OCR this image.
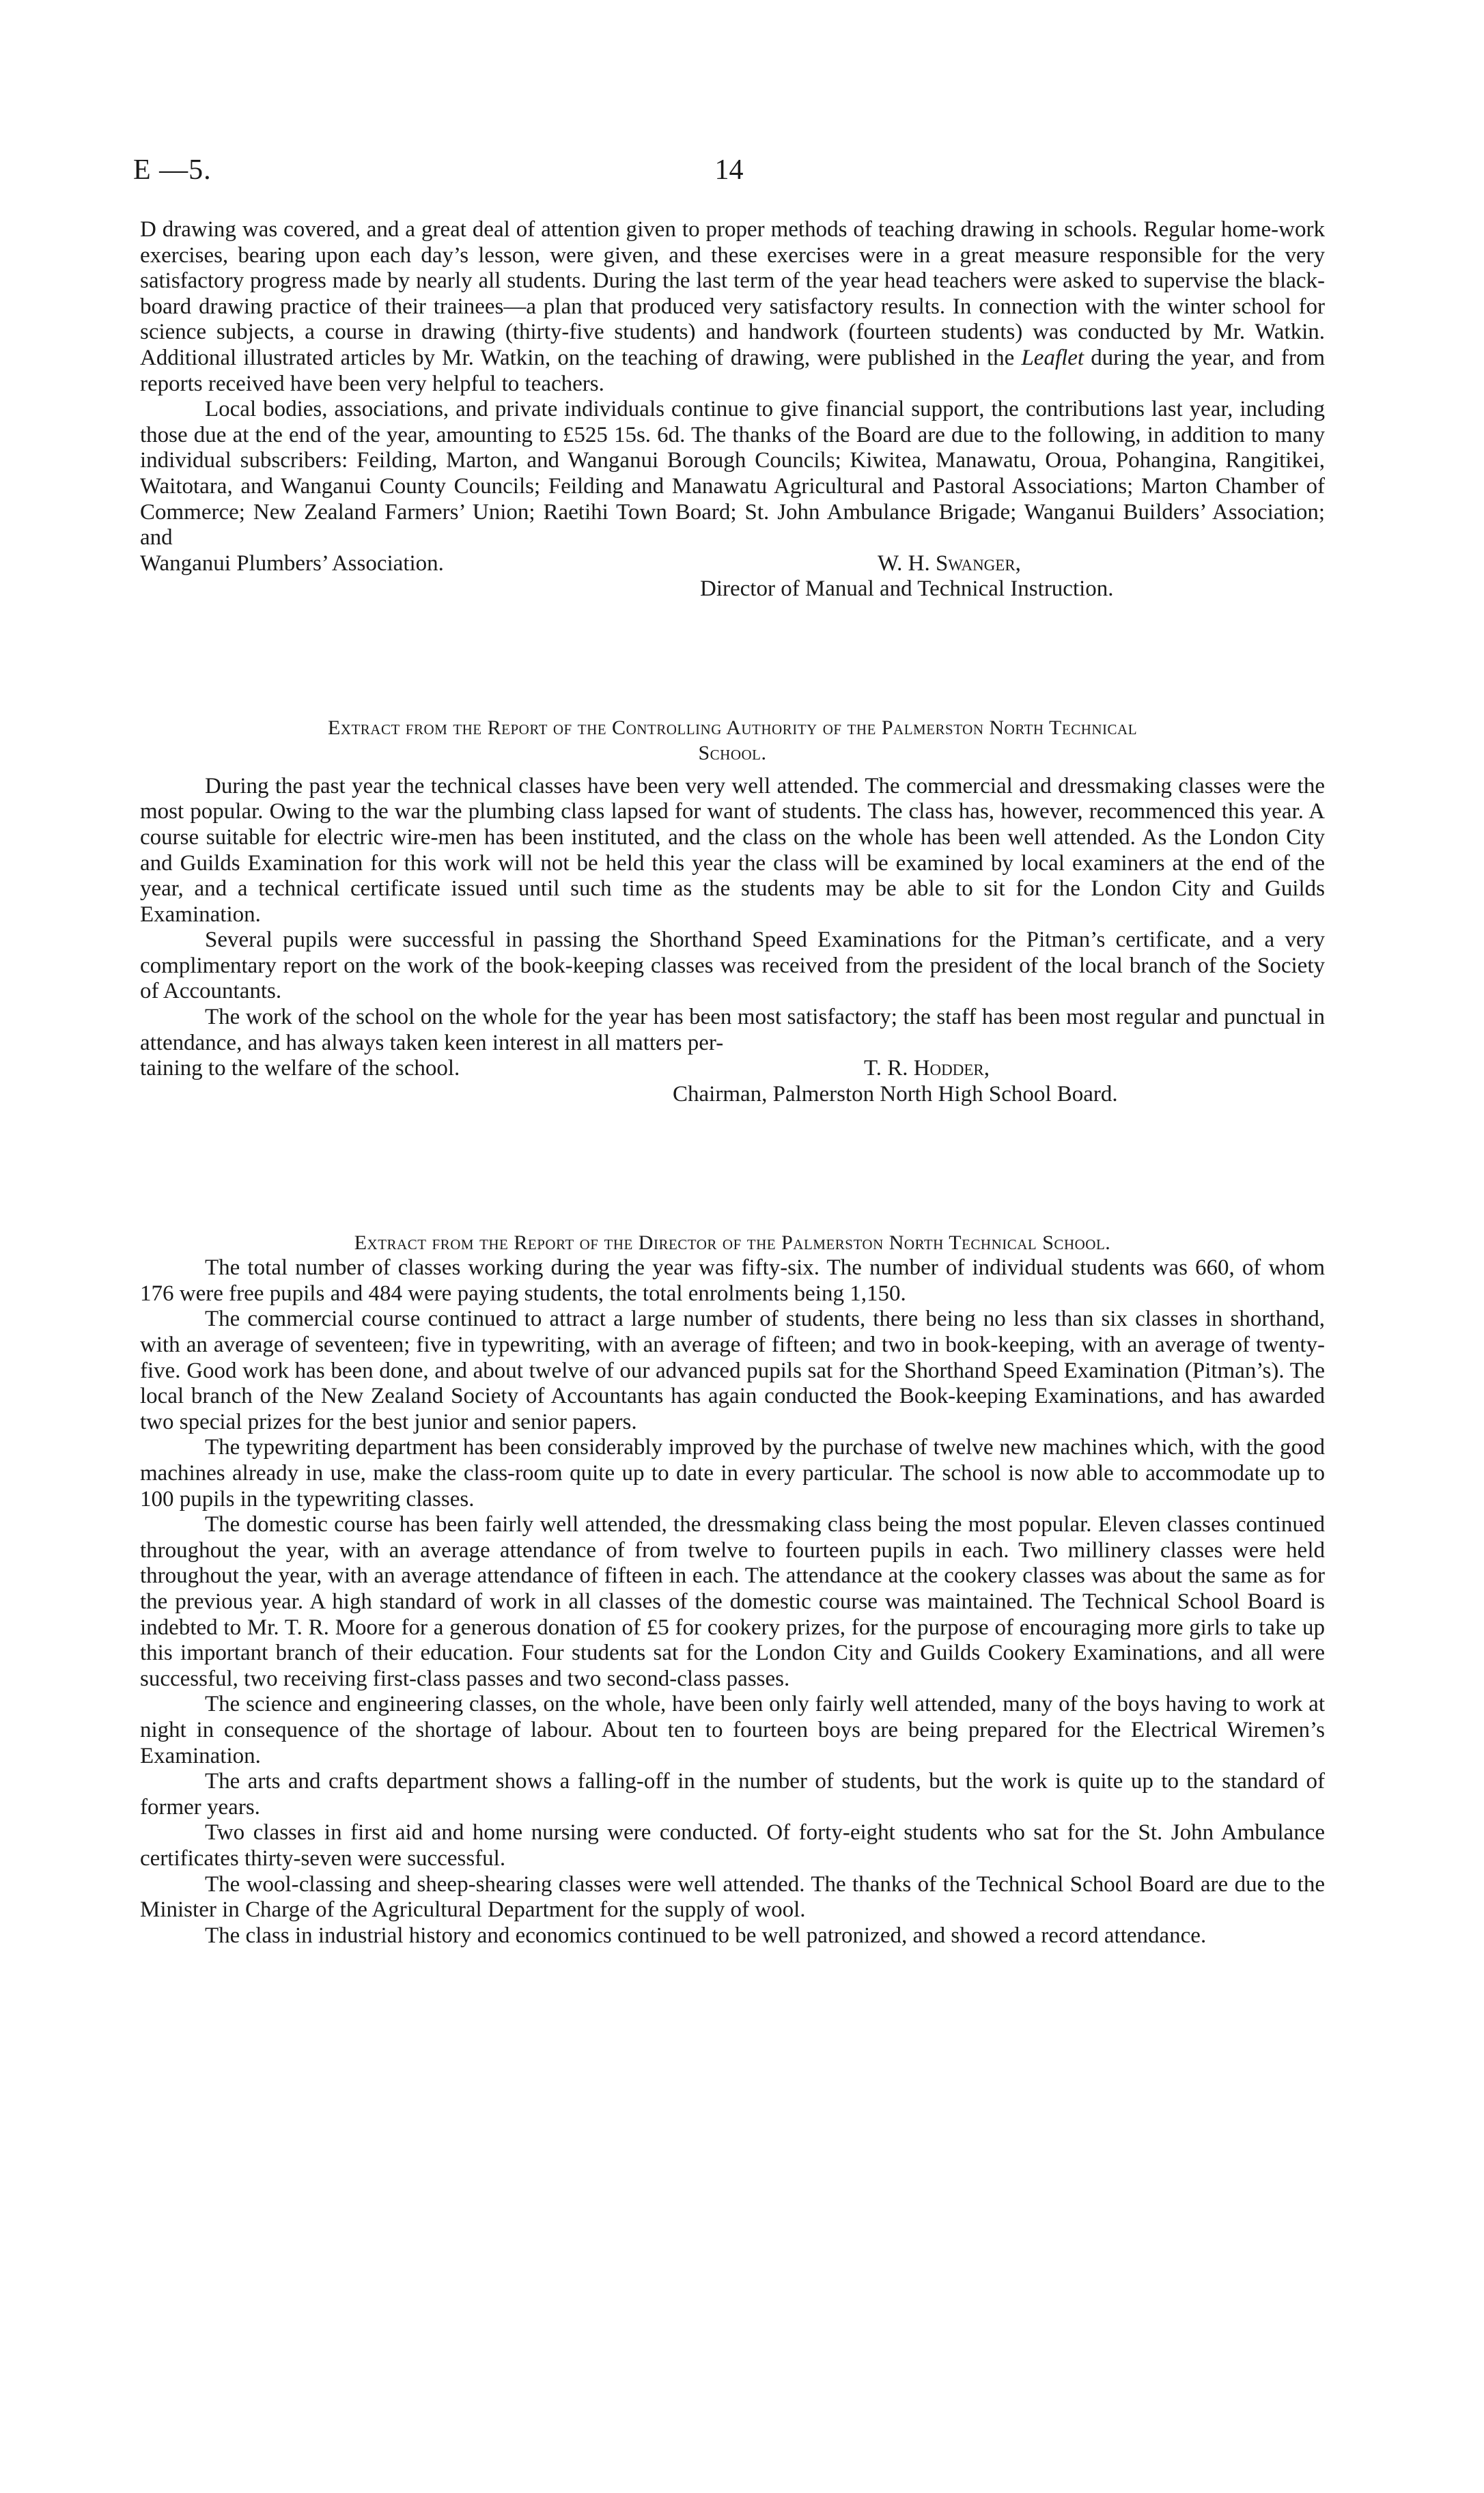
E —5.	14

D drawing was covered, and a great deal of attention given to proper methods of teaching drawing in schools. Regular home-work exercises, bearing upon each day’s lesson, were given, and these exercises were in a great measure responsible for the very satisfactory progress made by nearly all students. During the last term of the year head teachers were asked to supervise the black-board drawing practice of their trainees—a plan that produced very satisfactory results. In connection with the winter school for science subjects, a course in drawing (thirty-five students) and handwork (fourteen students) was conducted by Mr. Watkin. Additional illustrated articles by Mr. Watkin, on the teaching of drawing, were published in the Leaflet during the year, and from reports received have been very helpful to teachers.

Local bodies, associations, and private individuals continue to give financial support, the contributions last year, including those due at the end of the year, amounting to £525 15s. 6d. The thanks of the Board are due to the following, in addition to many individual subscribers: Feilding, Marton, and Wanganui Borough Councils; Kiwitea, Manawatu, Oroua, Pohangina, Rangitikei, Waitotara, and Wanganui County Councils; Feilding and Manawatu Agricultural and Pastoral Associations; Marton Chamber of Commerce; New Zealand Farmers’ Union; Raetihi Town Board; St. John Ambulance Brigade; Wanganui Builders’ Association; and

Wanganui Plumbers’ Association.	W. H. Swanger,
Director of Manual and Technical Instruction.
Extract from the Report of the Controlling Authority of the Palmerston North Technical
School.

During the past year the technical classes have been very well attended. The commercial and dressmaking classes were the most popular. Owing to the war the plumbing class lapsed for want of students. The class has, however, recommenced this year. A course suitable for electric wire-men has been instituted, and the class on the whole has been well attended. As the London City and Guilds Examination for this work will not be held this year the class will be examined by local examiners at the end of the year, and a technical certificate issued until such time as the students may be able to sit for the London City and Guilds Examination.

Several pupils were successful in passing the Shorthand Speed Examinations for the Pitman’s certificate, and a very complimentary report on the work of the book-keeping classes was received from the president of the local branch of the Society of Accountants.

The work of the school on the whole for the year has been most satisfactory; the staff has been most regular and punctual in attendance, and has always taken keen interest in all matters per-

taining to the welfare of the school.	T. R. Hodder,
Chairman, Palmerston North High School Board.
Extract from the Report of the Director of the Palmerston North Technical School.

The total number of classes working during the year was fifty-six. The number of individual students was 660, of whom 176 were free pupils and 484 were paying students, the total enrolments being 1,150.

The commercial course continued to attract a large number of students, there being no less than six classes in shorthand, with an average of seventeen; five in typewriting, with an average of fifteen; and two in book-keeping, with an average of twenty-five. Good work has been done, and about twelve of our advanced pupils sat for the Shorthand Speed Examination (Pitman’s). The local branch of the New Zealand Society of Accountants has again conducted the Book-keeping Examinations, and has awarded two special prizes for the best junior and senior papers.

The typewriting department has been considerably improved by the purchase of twelve new machines which, with the good machines already in use, make the class-room quite up to date in every particular. The school is now able to accommodate up to 100 pupils in the typewriting classes.

The domestic course has been fairly well attended, the dressmaking class being the most popular. Eleven classes continued throughout the year, with an average attendance of from twelve to fourteen pupils in each. Two millinery classes were held throughout the year, with an average attendance of fifteen in each. The attendance at the cookery classes was about the same as for the previous year. A high standard of work in all classes of the domestic course was maintained. The Technical School Board is indebted to Mr. T. R. Moore for a generous donation of £5 for cookery prizes, for the purpose of encouraging more girls to take up this important branch of their education. Four students sat for the London City and Guilds Cookery Examinations, and all were successful, two receiving first-class passes and two second-class passes.

The science and engineering classes, on the whole, have been only fairly well attended, many of the boys having to work at night in consequence of the shortage of labour. About ten to fourteen boys are being prepared for the Electrical Wiremen’s Examination.

The arts and crafts department shows a falling-off in the number of students, but the work is quite up to the standard of former years.

Two classes in first aid and home nursing were conducted. Of forty-eight students who sat for the St. John Ambulance certificates thirty-seven were successful.

The wool-classing and sheep-shearing classes were well attended. The thanks of the Technical School Board are due to the Minister in Charge of the Agricultural Department for the supply of wool.

The class in industrial history and economics continued to be well patronized, and showed a record attendance.
